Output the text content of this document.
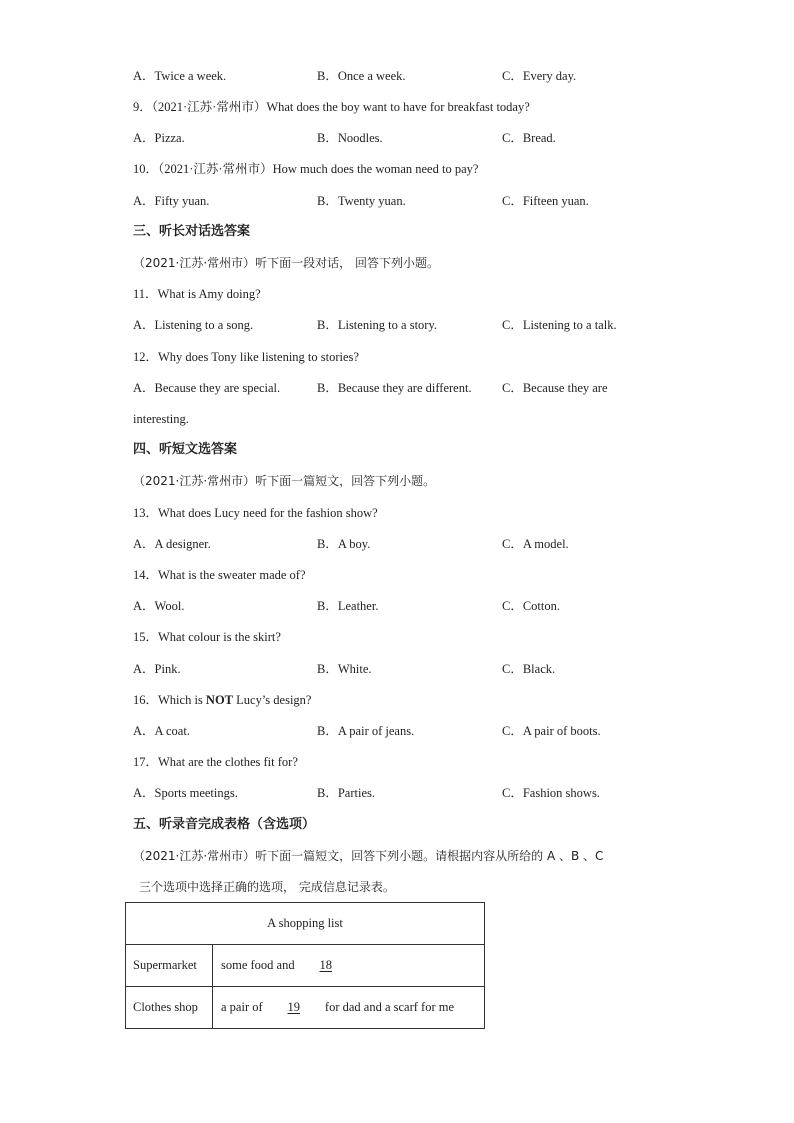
A．Twice a week.	B．Once a week.	C．Every day.
9．（2021·江苏·常州市）What does the boy want to have for breakfast today?
A．Pizza.	B．Noodles.	C．Bread.
10．（2021·江苏·常州市）How much does the woman need to pay?
A．Fifty yuan.	B．Twenty yuan.	C．Fifteen yuan.
三、听长对话选答案
（2021·江苏·常州市）听下面一段对话， 回答下列小题。
11．What is Amy doing?
A．Listening to a song.	B．Listening to a story.	C．Listening to a talk.
12．Why does Tony like listening to stories?
A．Because they are special.	B．Because they are different. C．Because they are
interesting.
四、听短文选答案
（2021·江苏·常州市）听下面一篇短文，回答下列小题。
13．What does Lucy need for the fashion show?
A．A designer.	B．A boy.	C．A model.
14．What is the sweater made of?
A．Wool.	B．Leather.	C．Cotton.
15．What colour is the skirt?
A．Pink.	B．White.	C．Black.
16．Which is NOT Lucy’s design?
A．A coat.	B．A pair of jeans.	C．A pair of boots.
17．What are the clothes fit for?
A．Sports meetings.	B．Parties.	C．Fashion shows.
五、听录音完成表格（含选项）
（2021·江苏·常州市）听下面一篇短文，回答下列小题。请根据内容从所给的 A 、B 、C
三个选项中选择正确的选项， 完成信息记录表。
A shopping list	
Supermarket	some food and 18
Clothes shop	a pair of 19 for dad and a scarf for me
